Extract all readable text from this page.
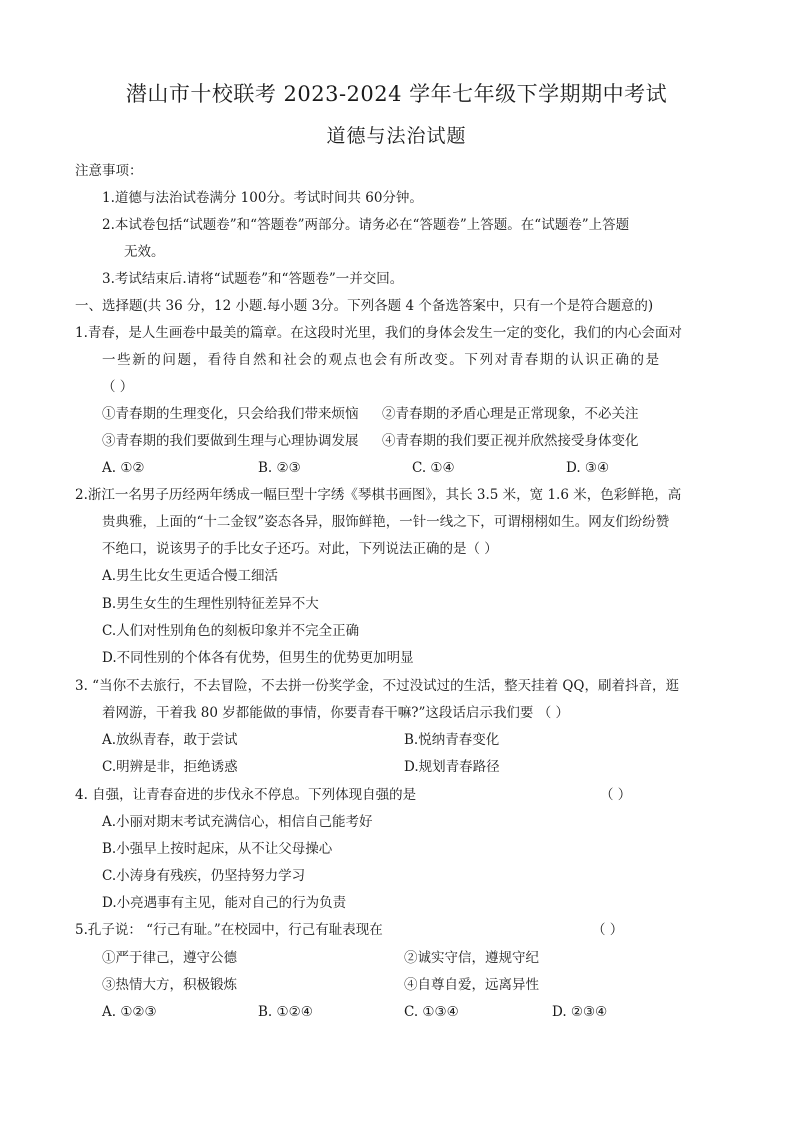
潜山市十校联考 2023-2024 学年七年级下学期期中考试
道德与法治试题
注意事项：
1.道德与法治试卷满分 100分。考试时间共 60分钟。
2.本试卷包括“试题卷”和“答题卷”两部分。请务必在“答题卷”上答题。在“试题卷”上答题
无效。
3.考试结束后.请将“试题卷”和“答题卷”一并交回。
一、选择题(共 36 分，12 小题.每小题 3分。下列各题 4 个备选答案中，只有一个是符合题意的)
1.青春，是人生画卷中最美的篇章。在这段时光里，我们的身体会发生一定的变化，我们的内心会面对
一些新的问题，看待自然和社会的观点也会有所改变。下列对青春期的认识正确的是
（ ）
①青春期的生理变化，只会给我们带来烦恼 ②青春期的矛盾心理是正常现象，不必关注
③青春期的我们要做到生理与心理协调发展 ④青春期的我们要正视并欣然接受身体变化
A. ①②	B. ②③	C. ①④	D. ③④
2.浙江一名男子历经两年绣成一幅巨型十字绣《琴棋书画图》，其长 3.5 米，宽 1.6 米，色彩鲜艳，高
贵典雅，上面的“十二金钗”姿态各异，服饰鲜艳，一针一线之下，可谓栩栩如生。网友们纷纷赞
不绝口，说该男子的手比女子还巧。对此，下列说法正确的是（ ）
A.男生比女生更适合慢工细活
B.男生女生的生理性别特征差异不大
C.人们对性别角色的刻板印象并不完全正确
D.不同性别的个体各有优势，但男生的优势更加明显
3. “当你不去旅行，不去冒险，不去拼一份奖学金，不过没试过的生活，整天挂着 QQ，刷着抖音，逛
着网游，干着我 80 岁都能做的事情，你要青春干嘛?”这段话启示我们要 （ ）
A.放纵青春，敢于尝试	B.悦纳青春变化
C.明辨是非，拒绝诱惑	D.规划青春路径
4. 自强，让青春奋进的步伐永不停息。下列体现自强的是	（ ）
A.小丽对期末考试充满信心，相信自己能考好
B.小强早上按时起床，从不让父母操心
C.小涛身有残疾，仍坚持努力学习
D.小亮遇事有主见，能对自己的行为负责
5.孔子说： “行己有耻。”在校园中，行己有耻表现在	（ ）
①严于律己，遵守公德	②诚实守信，遵规守纪
③热情大方，积极锻炼	④自尊自爱，远离异性
A. ①②③	B. ①②④	C. ①③④	D. ②③④
